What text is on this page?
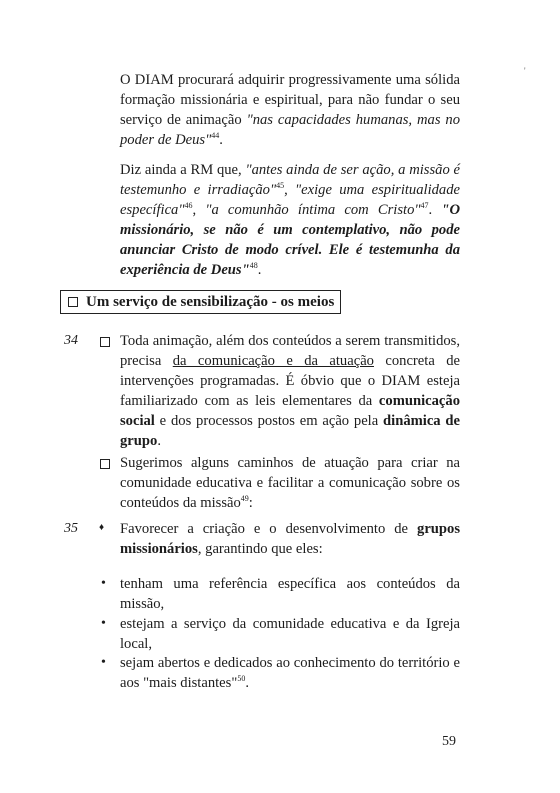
'

O DIAM procurará adquirir progressivamente uma sólida formação missionária e espiritual, para não fundar o seu serviço de animação "nas capacidades humanas, mas no poder de Deus"$^{44}$.

Diz ainda a RM que, "antes ainda de ser ação, a missão é testemunho e irradiação"$^{45}$, "exige uma espiritualidade específica"$^{46}$, "a comunhão íntima com Cristo"$^{47}$. "O missionário, se não é um contemplativo, não pode anunciar Cristo de modo crível. Ele é testemunha da experiência de Deus"$^{48}$.

Um serviço de sensibilização - os meios
34	Toda animação, além dos conteúdos a serem transmitidos, precisa da comunicação e da atuação concreta de intervenções programadas. É óbvio que o DIAM esteja familiarizado com as leis elementares da comunicação social e dos processos postos em ação pela dinâmica de grupo.

Sugerimos alguns caminhos de atuação para criar na comunidade educativa e facilitar a comunicação sobre os conteúdos da missão$^{49}$:

35 ♦ Favorecer a criação e o desenvolvimento de grupos missionários, garantindo que eles:

• tenham uma referência específica aos conteúdos da missão,

• estejam a serviço da comunidade educativa e da Igreja local,

• sejam abertos e dedicados ao conhecimento do território e aos "mais distantes"$^{50}$.

59
